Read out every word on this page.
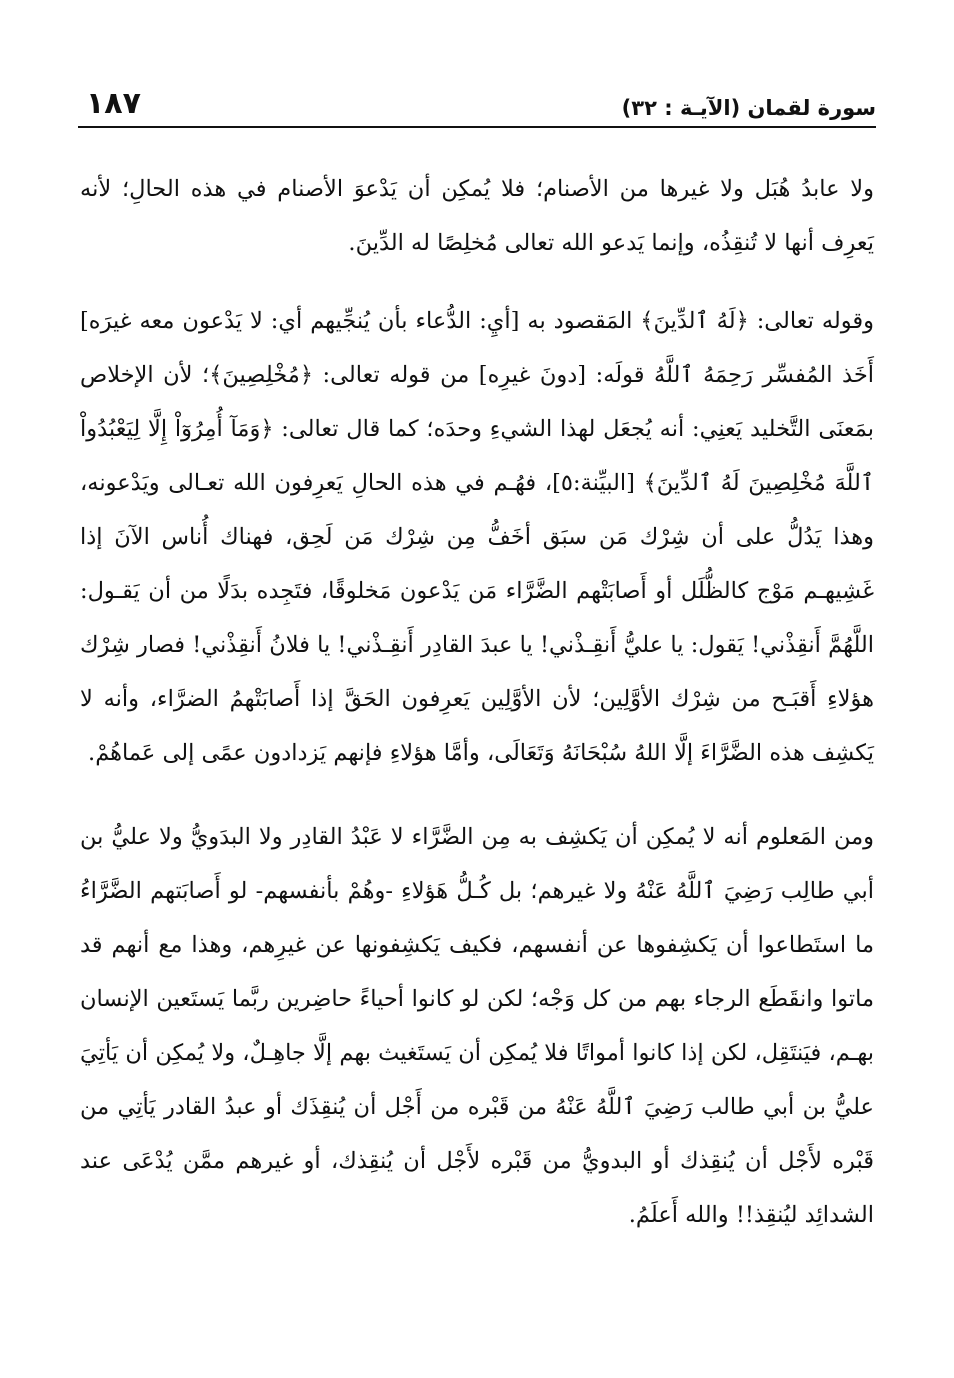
سورة لقمان (الآيـة : ٣٢)
١٨٧

ولا عابدُ هُبَل ولا غيرها من الأصنام؛ فلا يُمكِن أن يَدْعوَ الأصنام في هذه الحالِ؛ لأنه يَعرِف أنها لا تُنقِذُه، وإنما يَدعو الله تعالى مُخلِصًا له الدِّينَ.

وقوله تعالى: ﴿لَهُ ٱلدِّينَ﴾ المَقصود به [أيِ: الدُّعاء بأن يُنجِّيهم أي: لا يَدْعون معه غيرَه] أَخَذ المُفسِّر رَحِمَهُ ٱللَّهُ قولَه: [دونَ غيرِه] من قوله تعالى: ﴿مُخْلِصِينَ﴾؛ لأن الإخلاص بمَعنَى التَّخليد يَعنِي: أنه يُجعَل لهذا الشيءِ وحدَه؛ كما قال تعالى: ﴿وَمَآ أُمِرُوٓاْ إِلَّا لِيَعْبُدُواْ ٱللَّهَ مُخْلِصِينَ لَهُ ٱلدِّينَ﴾ [البيِّنة:٥]، فهُـم في هذه الحالِ يَعرِفون الله تعـالى ويَدْعونه، وهذا يَدُلُّ على أن شِرْك مَن سبَق أخَفُّ مِن شِرْك مَن لَحِق، فهناك أُناس الآنَ إذا غَشِيهـم مَوْج كالظُّلَل أو أَصابَتْهم الضَّرَّاء مَن يَدْعون مَخلوقًا، فتَجِده بدَلًا من أن يَقـول: اللَّهُمَّ أَنقِذْني! يَقول: يا عليُّ أَنقِـذْني! يا عبدَ القادِر أَنقِـذْني! يا فلانُ أَنقِذْني! فصار شِرْك هؤلاءِ أَقبَـح من شِرْك الأوَّلِين؛ لأن الأوَّلِين يَعرِفون الحَقَّ إذا أَصابَتْهمُ الضرَّاء، وأنه لا يَكشِف هذه الضَّرَّاءَ إلَّا اللهُ سُبْحَانَهُ وَتَعَالَى، وأمَّا هؤلاءِ فإنهم يَزدادون عمًى إلى عَماهُمْ.

ومن المَعلوم أنه لا يُمكِن أن يَكشِف به مِن الضَّرَّاء لا عَبْدُ القادِر ولا البدَويُّ ولا عليُّ بن أبي طالِب رَضِيَ ٱللَّهُ عَنْهُ ولا غيرهم؛ بل كُـلُّ هَؤلاءِ -وهُمْ بأنفسهم- لو أَصابَتهم الضَّرَّاءُ ما استَطاعوا أن يَكشِفوها عن أنفسهم، فكيف يَكشِفونها عن غيرِهم، وهذا مع أنهم قد ماتوا وانقَطَع الرجاء بهم من كل وَجْه؛ لكن لو كانوا أحياءً حاضِرين ربَّما يَستَعين الإنسان بهـم، فيَنتَقِل، لكن إذا كانوا أمواتًا فلا يُمكِن أن يَستَغيث بهم إلَّا جاهِـلٌ، ولا يُمكِن أن يَأتِيَ عليُّ بن أبي طالب رَضِيَ ٱللَّهُ عَنْهُ من قَبْره من أَجْل أن يُنقِذَك أو عبدُ القادر يَأتِي من قَبْره لأَجْل أن يُنقِذك أو البدويُّ من قَبْره لأَجْل أن يُنقِذك، أو غيرهم ممَّن يُدْعَى عند الشدائِد ليُنقِذ!! والله أَعلَمُ.
